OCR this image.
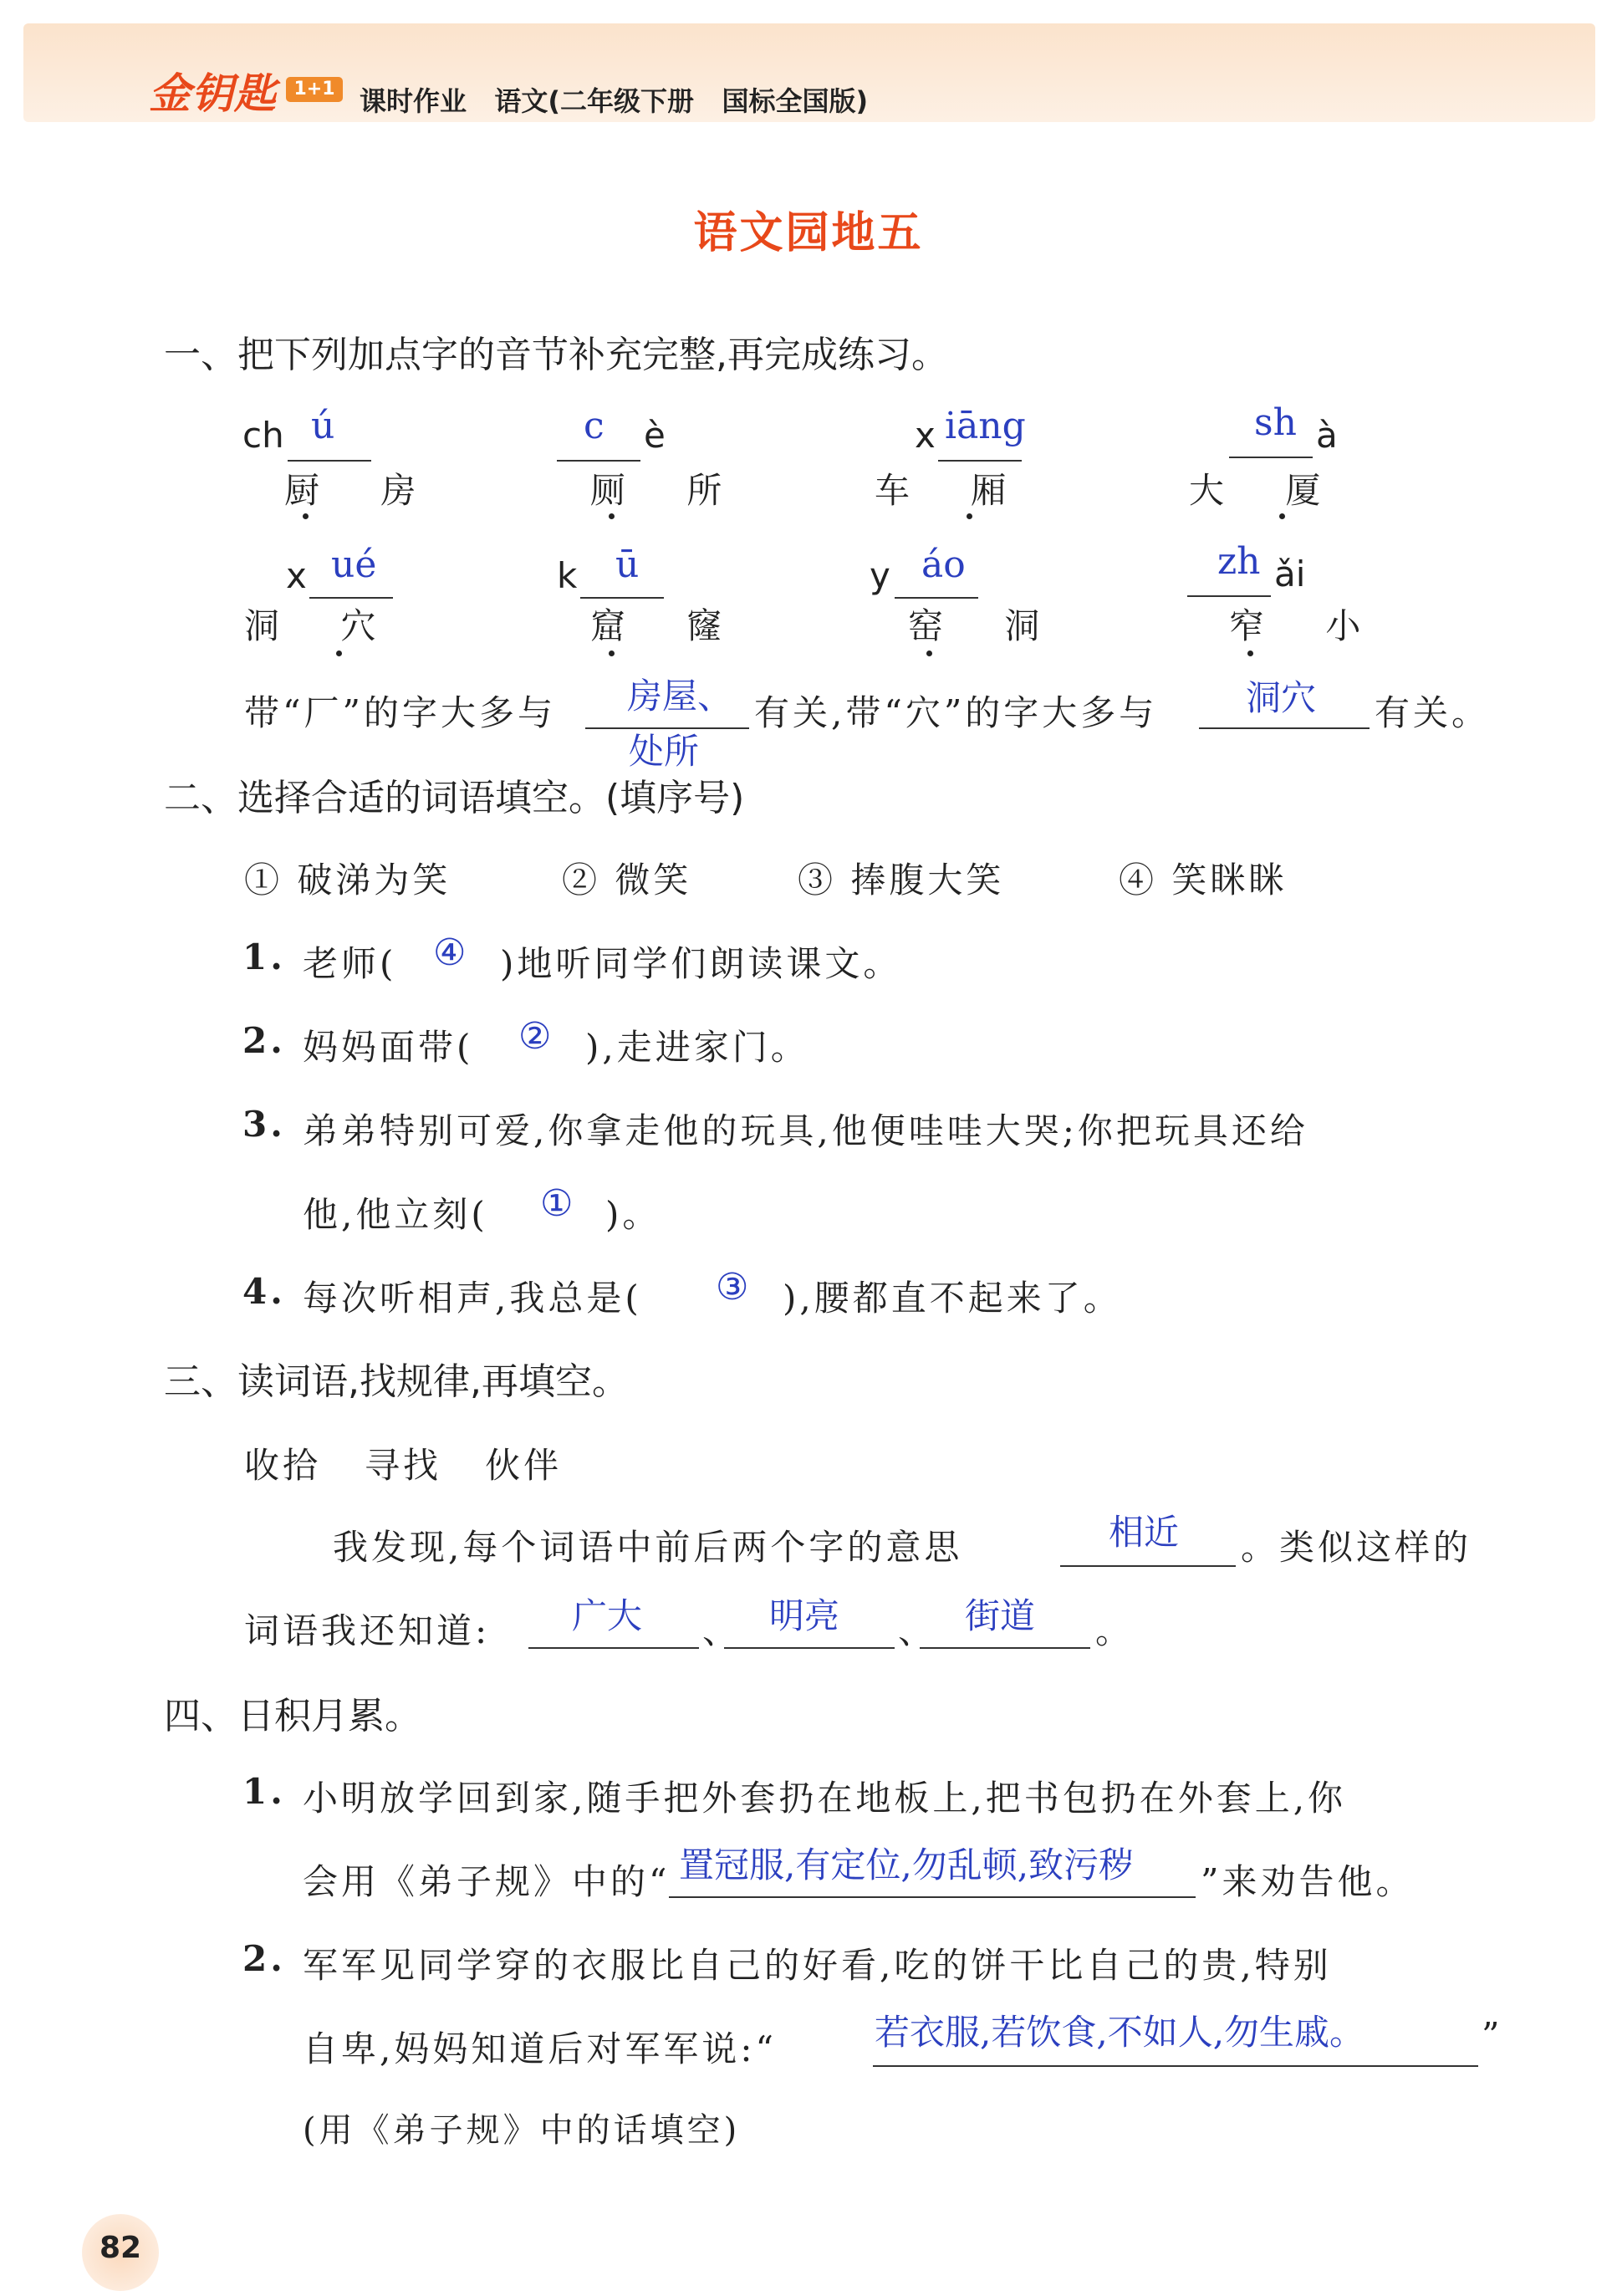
金钥匙 1+1 课时作业   语文(二年级下册   国标全国版)
语文园地五
一、把下列加点字的音节补充完整,再完成练习。
ch ú
厨 房
c è
厕 所
x iāng
车 厢
sh à
大 厦
x ué
洞 穴
k ū
窟 窿
y áo
窑 洞
zh ǎi
窄 小
带“厂”的字大多与 房屋、
处所
有关,带“穴”的字大多与	洞穴 有关。
二、选择合适的词语填空。(填序号)
① 破涕为笑	② 微笑	③ 捧腹大笑	④ 笑眯眯
1. 老师( ④ )地听同学们朗读课文。
2. 妈妈面带( ② ),走进家门。
3. 弟弟特别可爱,你拿走他的玩具,他便哇哇大哭;你把玩具还给
他,他立刻( ① )。
4. 每次听相声,我总是( ③ ),腰都直不起来了。
三、读词语,找规律,再填空。
收拾   寻找   伙伴
我发现,每个词语中前后两个字的意思	相近 。类似这样的
词语我还知道: 广大 、 明亮 、 街道 。
四、日积月累。
1. 小明放学回到家,随手把外套扔在地板上,把书包扔在外套上,你
会用《弟子规》中的“ 置冠服,有定位,勿乱顿,致污秽 ”来劝告他。
2. 军军见同学穿的衣服比自己的好看,吃的饼干比自己的贵,特别
自卑,妈妈知道后对军军说:“	若衣服,若饮食,不如人,勿生戚。	”
(用《弟子规》中的话填空)
82
